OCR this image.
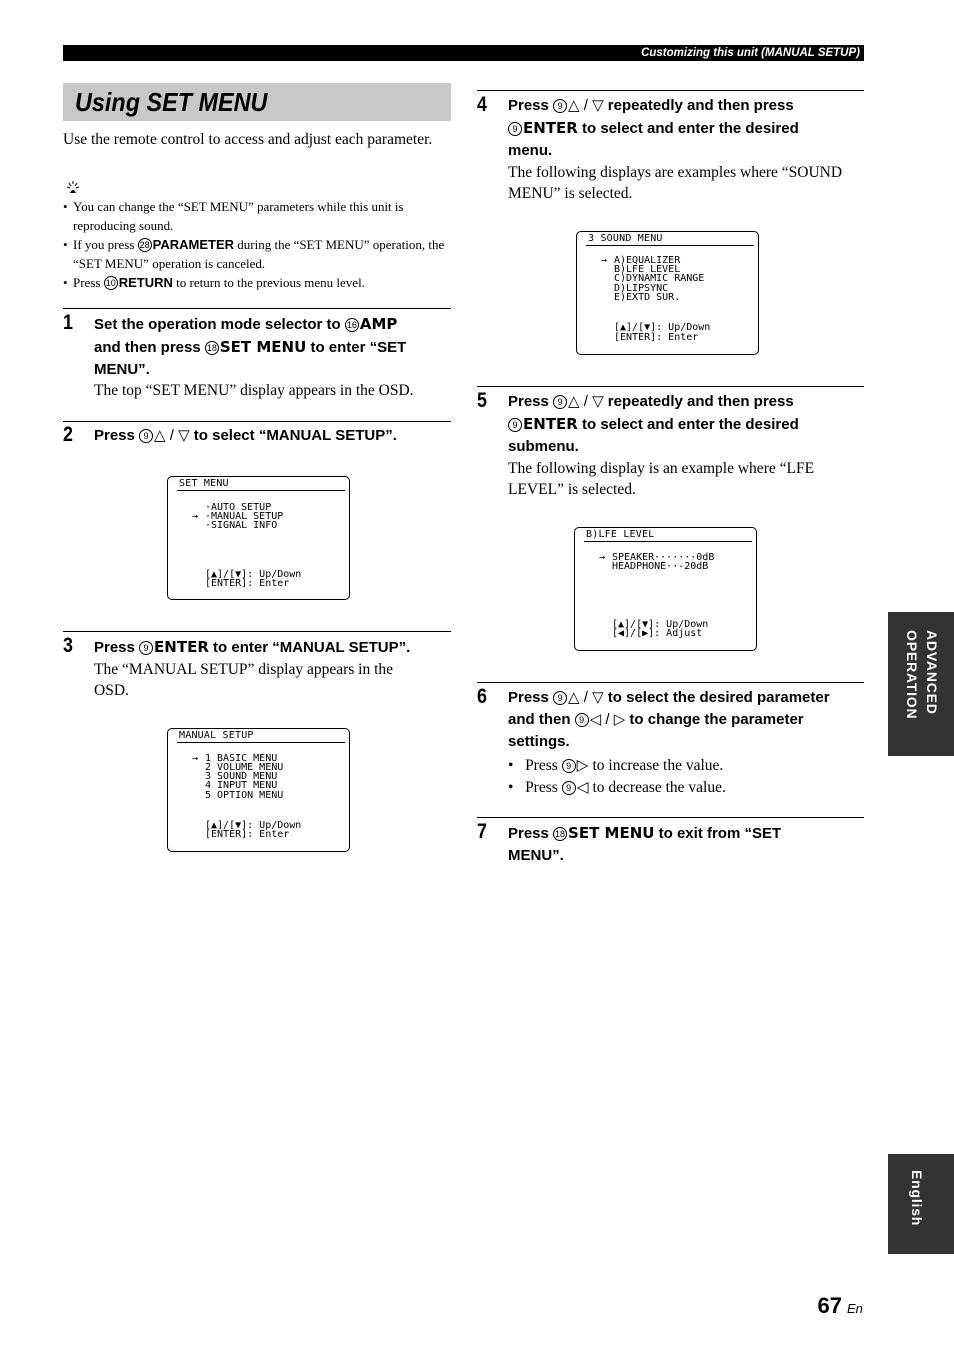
Customizing this unit (MANUAL SETUP)
Using SET MENU
Use the remote control to access and adjust each parameter.
• You can change the “SET MENU” parameters while this unit is reproducing sound.
• If you press 28 PARAMETER during the “SET MENU” operation, the “SET MENU” operation is canceled.
• Press 10 RETURN to return to the previous menu level.
1 Set the operation mode selector to 16 AMP
and then press 18 SET MENU to enter “SET
MENU”.
The top “SET MENU” display appears in the OSD.
2 Press 9 △ / ▽ to select “MANUAL SETUP”.
SET MENU
·AUTO SETUP
→ ·MANUAL SETUP
·SIGNAL INFO
[▲]/[▼]: Up/Down
[ENTER]: Enter
3 Press 9 ENTER to enter “MANUAL SETUP”.
The “MANUAL SETUP” display appears in the
OSD.
MANUAL SETUP
→ 1 BASIC MENU
2 VOLUME MENU
3 SOUND MENU
4 INPUT MENU
5 OPTION MENU
[▲]/[▼]: Up/Down
[ENTER]: Enter
4 Press 9 △ / ▽ repeatedly and then press
9 ENTER to select and enter the desired
menu.
The following displays are examples where “SOUND MENU” is selected.
3 SOUND MENU
→ A)EQUALIZER
B)LFE LEVEL
C)DYNAMIC RANGE
D)LIPSYNC
E)EXTD SUR.
[▲]/[▼]: Up/Down
[ENTER]: Enter
5 Press 9 △ / ▽ repeatedly and then press
9 ENTER to select and enter the desired
submenu.
The following display is an example where “LFE LEVEL” is selected.
B)LFE LEVEL
→ SPEAKER·······0dB
HEADPHONE··-20dB
[▲]/[▼]: Up/Down
[◀]/[▶]: Adjust
6 Press 9 △ / ▽ to select the desired parameter
and then 9 ◁ / ▷ to change the parameter
settings.
• Press 9 ▷ to increase the value.
• Press 9 ◁ to decrease the value.
7 Press 18 SET MENU to exit from “SET
MENU”.
ADVANCED OPERATION
English
67 En
